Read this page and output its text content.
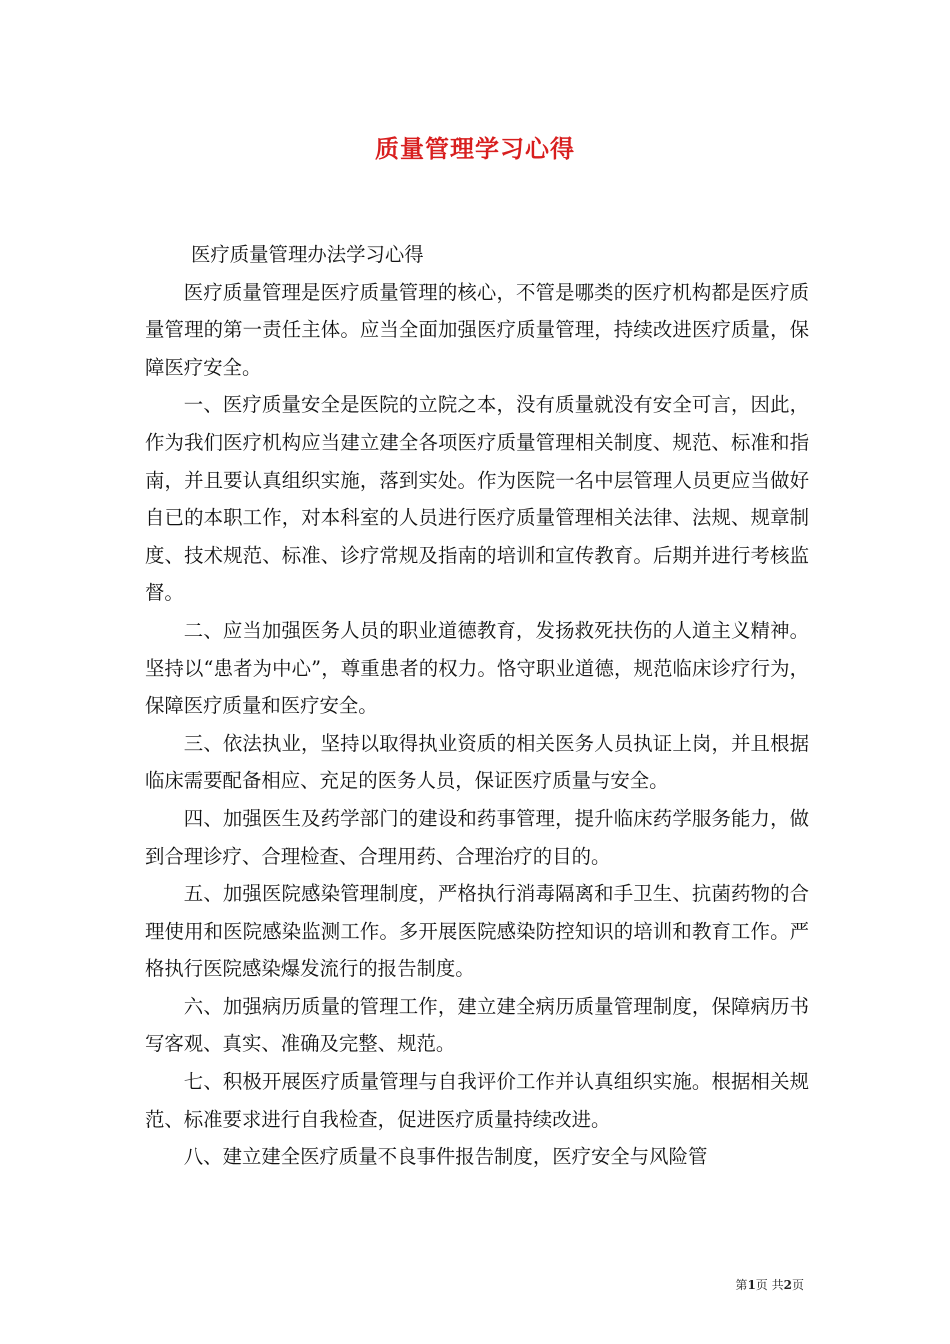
质量管理学习心得

医疗质量管理办法学习心得

医疗质量管理是医疗质量管理的核心，不管是哪类的医疗机构都是医疗质量管理的第一责任主体。应当全面加强医疗质量管理，持续改进医疗质量，保障医疗安全。

一、医疗质量安全是医院的立院之本，没有质量就没有安全可言，因此，作为我们医疗机构应当建立建全各项医疗质量管理相关制度、规范、标准和指南，并且要认真组织实施，落到实处。作为医院一名中层管理人员更应当做好自已的本职工作，对本科室的人员进行医疗质量管理相关法律、法规、规章制度、技术规范、标准、诊疗常规及指南的培训和宣传教育。后期并进行考核监督。

二、应当加强医务人员的职业道德教育，发扬救死扶伤的人道主义精神。坚持以“患者为中心”，尊重患者的权力。恪守职业道德，规范临床诊疗行为，保障医疗质量和医疗安全。

三、依法执业，坚持以取得执业资质的相关医务人员执证上岗，并且根据临床需要配备相应、充足的医务人员，保证医疗质量与安全。

四、加强医生及药学部门的建设和药事管理，提升临床药学服务能力，做到合理诊疗、合理检查、合理用药、合理治疗的目的。

五、加强医院感染管理制度，严格执行消毒隔离和手卫生、抗菌药物的合理使用和医院感染监测工作。多开展医院感染防控知识的培训和教育工作。严格执行医院感染爆发流行的报告制度。

六、加强病历质量的管理工作，建立建全病历质量管理制度，保障病历书写客观、真实、准确及完整、规范。

七、积极开展医疗质量管理与自我评价工作并认真组织实施。根据相关规范、标准要求进行自我检查，促进医疗质量持续改进。

八、建立建全医疗质量不良事件报告制度，医疗安全与风险管

第1页 共2页
